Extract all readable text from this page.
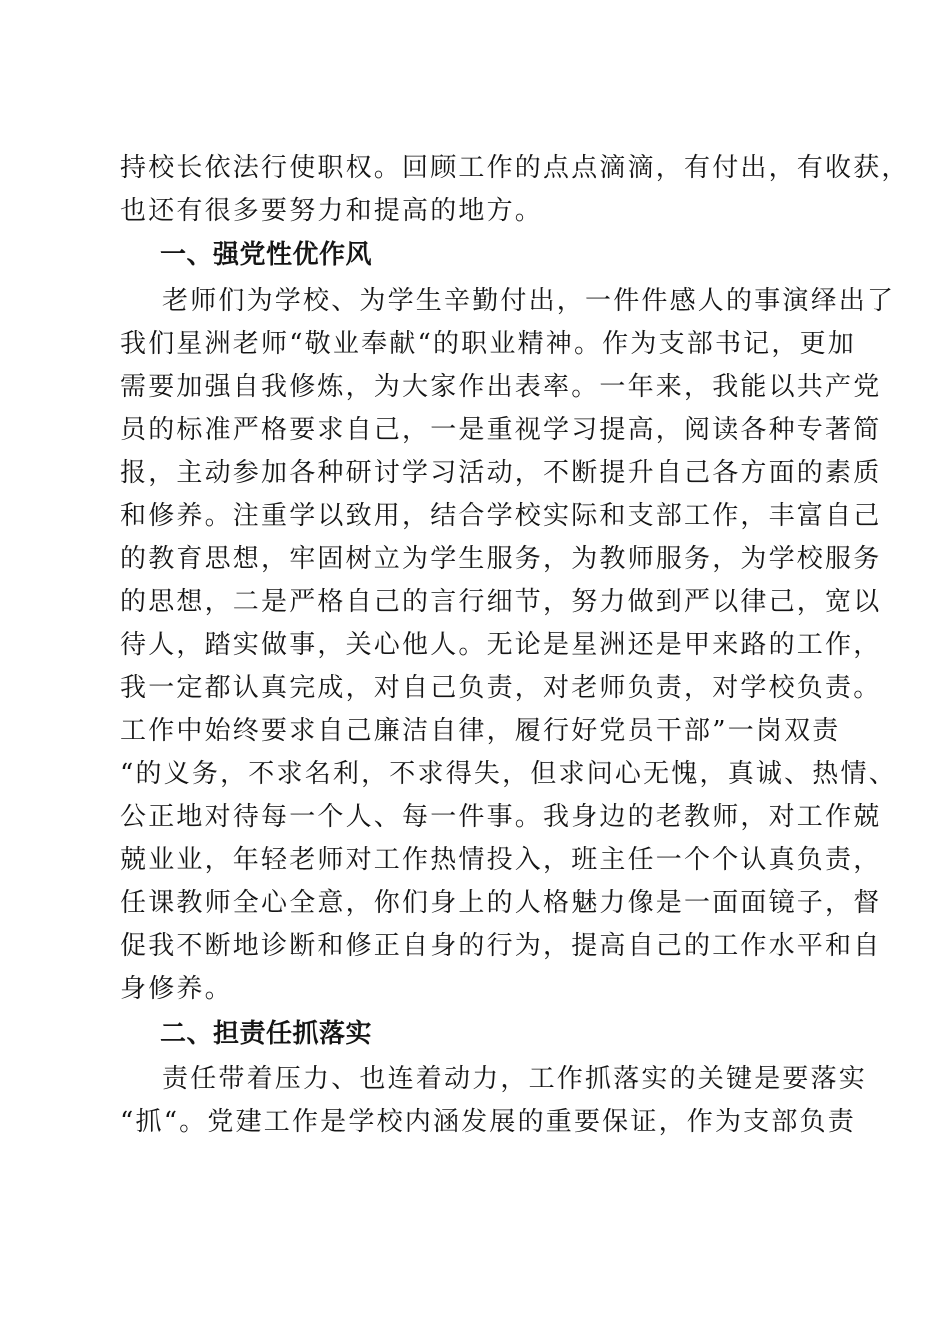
持校长依法行使职权。回顾工作的点点滴滴，有付出，有收获，
也还有很多要努力和提高的地方。
一、强党性优作风
老师们为学校、为学生辛勤付出，一件件感人的事演绎出了
我们星洲老师“敬业奉献“的职业精神。作为支部书记，更加
需要加强自我修炼，为大家作出表率。一年来，我能以共产党
员的标准严格要求自己，一是重视学习提高，阅读各种专著简
报，主动参加各种研讨学习活动，不断提升自己各方面的素质
和修养。注重学以致用，结合学校实际和支部工作，丰富自己
的教育思想，牢固树立为学生服务，为教师服务，为学校服务
的思想，二是严格自己的言行细节，努力做到严以律己，宽以
待人，踏实做事，关心他人。无论是星洲还是甲来路的工作，
我一定都认真完成，对自己负责，对老师负责，对学校负责。
工作中始终要求自己廉洁自律，履行好党员干部”一岗双责
“的义务，不求名利，不求得失，但求问心无愧，真诚、热情、
公正地对待每一个人、每一件事。我身边的老教师，对工作兢
兢业业，年轻老师对工作热情投入，班主任一个个认真负责，
任课教师全心全意，你们身上的人格魅力像是一面面镜子，督
促我不断地诊断和修正自身的行为，提高自己的工作水平和自
身修养。
二、担责任抓落实
责任带着压力、也连着动力，工作抓落实的关键是要落实
“抓“。党建工作是学校内涵发展的重要保证，作为支部负责
